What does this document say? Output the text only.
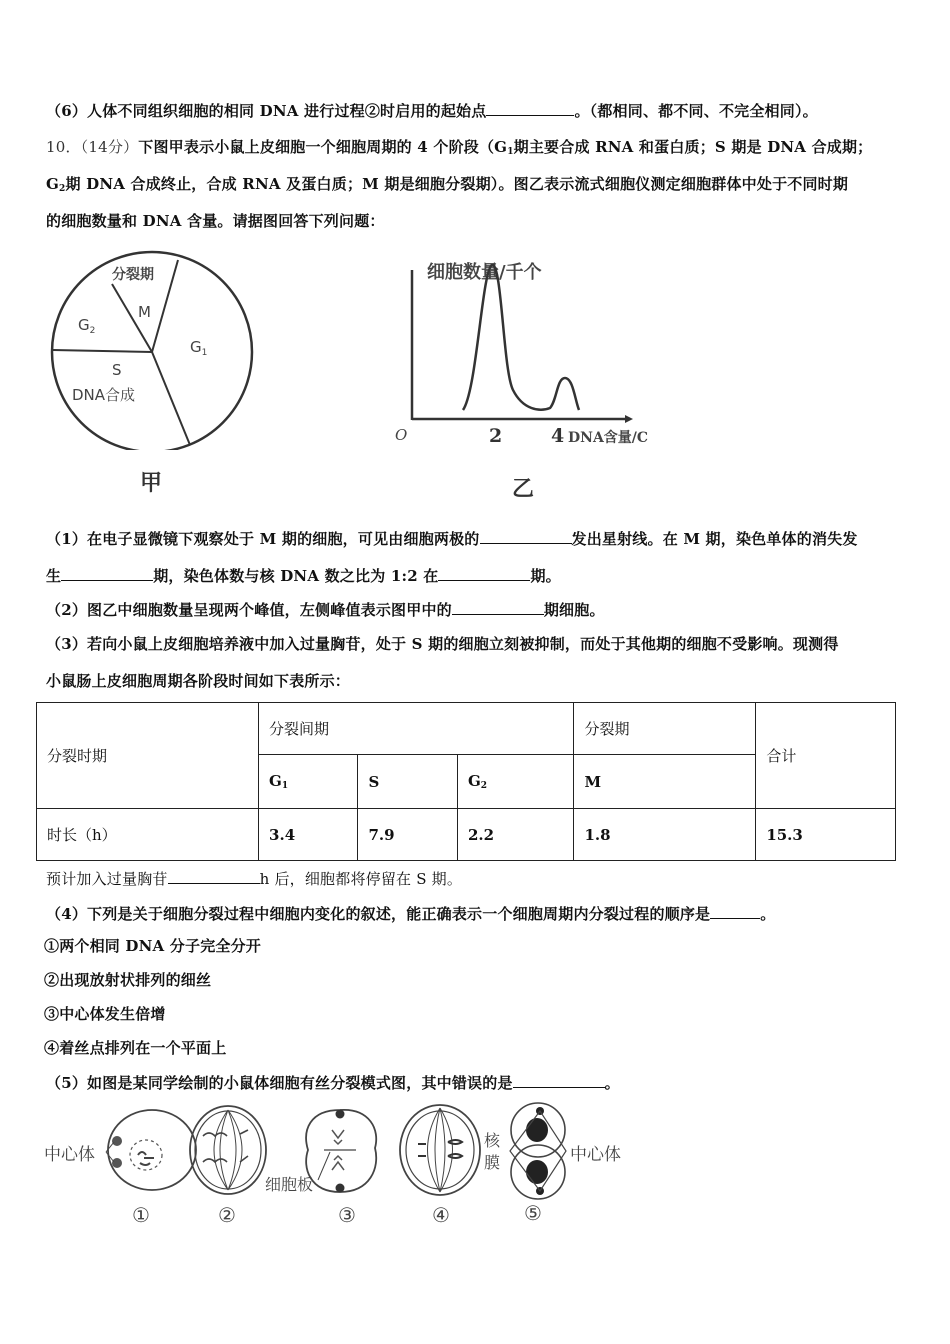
（6）人体不同组织细胞的相同 DNA 进行过程②时启用的起始点	。（都相同、都不同、不完全相同）。
10．（14分）下图甲表示小鼠上皮细胞一个细胞周期的 4 个阶段（$G_1$期主要合成 RNA 和蛋白质；S 期是 DNA 合成期；
$G_2$期 DNA 合成终止，合成 RNA 及蛋白质；M 期是细胞分裂期）。图乙表示流式细胞仪测定细胞群体中处于不同时期
的细胞数量和 DNA 含量。请据图回答下列问题：
分裂期
M
$G_1$
$G_2$
S
DNA合成
甲
细胞数量/千个
O	2	4 DNA含量/C
乙
（1）在电子显微镜下观察处于 M 期的细胞，可见由细胞两极的	发出星射线。在 M 期，染色单体的消失发
生	期，染色体数与核 DNA 数之比为 1:2 在	期。
（2）图乙中细胞数量呈现两个峰值，左侧峰值表示图甲中的	期细胞。
（3）若向小鼠上皮细胞培养液中加入过量胸苷，处于 S 期的细胞立刻被抑制，而处于其他期的细胞不受影响。现测得
小鼠肠上皮细胞周期各阶段时间如下表所示：
分裂时期	分裂间期			分裂期	合计
	$G_1$	S	$G_2$	M	
时长（h）	3.4	7.9	2.2	1.8	15.3
预计加入过量胸苷	h 后，细胞都将停留在 S 期。
（4）下列是关于细胞分裂过程中细胞内变化的叙述，能正确表示一个细胞周期内分裂过程的顺序是	。
①两个相同 DNA 分子完全分开
②出现放射状排列的细丝
③中心体发生倍增
④着丝点排列在一个平面上
（5）如图是某同学绘制的小鼠体细胞有丝分裂模式图，其中错误的是	。
中心体
细胞板
核膜	中心体
①	②	③	④	⑤
